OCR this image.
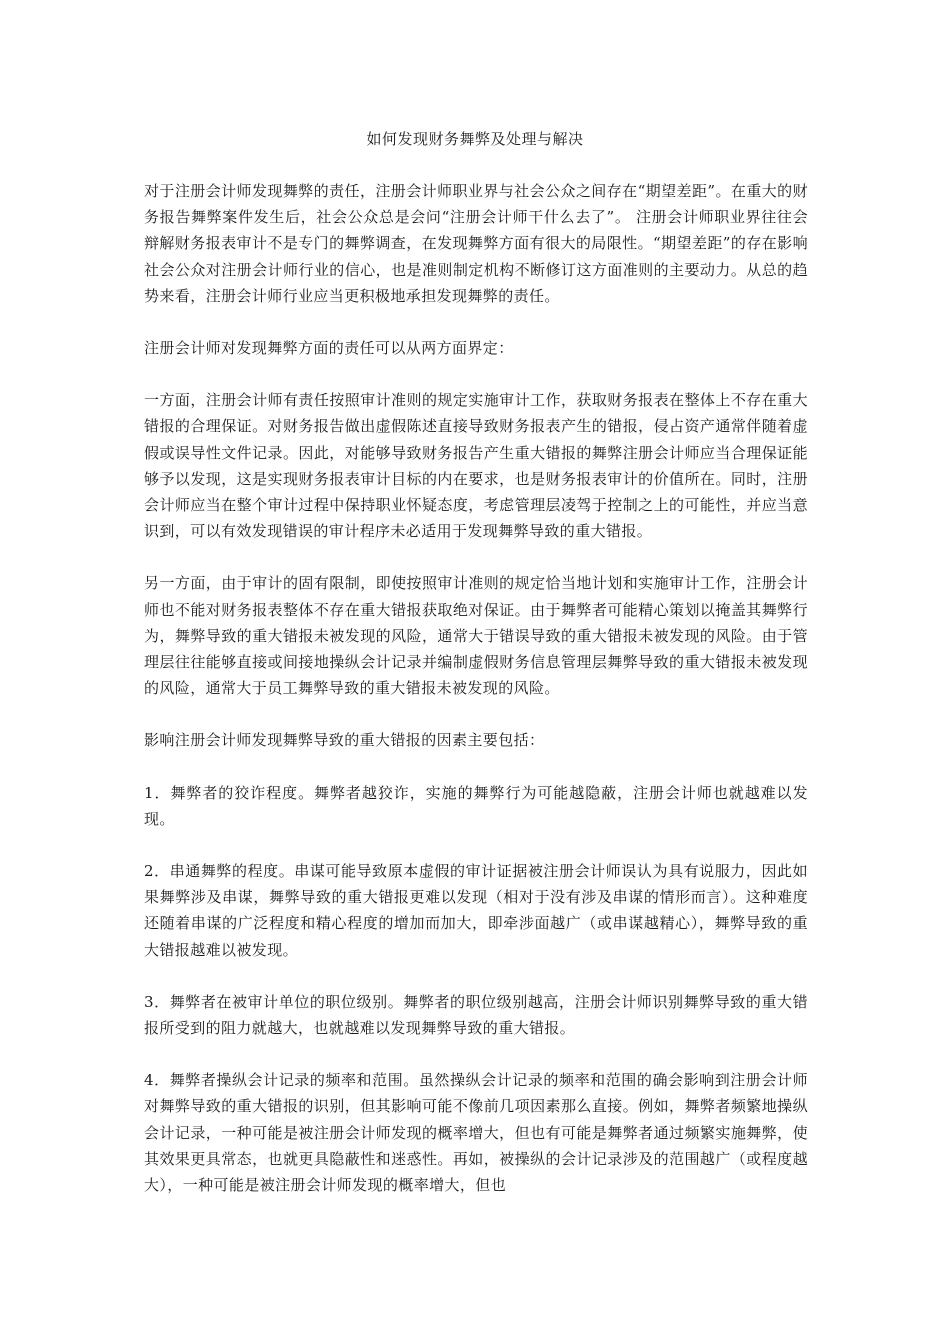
如何发现财务舞弊及处理与解决

对于注册会计师发现舞弊的责任，注册会计师职业界与社会公众之间存在“期望差距”。在重大的财务报告舞弊案件发生后，社会公众总是会问“注册会计师干什么去了”。 注册会计师职业界往往会辩解财务报表审计不是专门的舞弊调查，在发现舞弊方面有很大的局限性。“期望差距”的存在影响社会公众对注册会计师行业的信心，也是准则制定机构不断修订这方面准则的主要动力。从总的趋势来看，注册会计师行业应当更积极地承担发现舞弊的责任。

注册会计师对发现舞弊方面的责任可以从两方面界定：

一方面，注册会计师有责任按照审计准则的规定实施审计工作，获取财务报表在整体上不存在重大错报的合理保证。对财务报告做出虚假陈述直接导致财务报表产生的错报，侵占资产通常伴随着虚假或误导性文件记录。因此，对能够导致财务报告产生重大错报的舞弊注册会计师应当合理保证能够予以发现，这是实现财务报表审计目标的内在要求，也是财务报表审计的价值所在。同时，注册会计师应当在整个审计过程中保持职业怀疑态度，考虑管理层凌驾于控制之上的可能性，并应当意识到，可以有效发现错误的审计程序未必适用于发现舞弊导致的重大错报。

另一方面，由于审计的固有限制，即使按照审计准则的规定恰当地计划和实施审计工作，注册会计师也不能对财务报表整体不存在重大错报获取绝对保证。由于舞弊者可能精心策划以掩盖其舞弊行为，舞弊导致的重大错报未被发现的风险，通常大于错误导致的重大错报未被发现的风险。由于管理层往往能够直接或间接地操纵会计记录并编制虚假财务信息管理层舞弊导致的重大错报未被发现的风险，通常大于员工舞弊导致的重大错报未被发现的风险。

影响注册会计师发现舞弊导致的重大错报的因素主要包括：

1．舞弊者的狡诈程度。舞弊者越狡诈，实施的舞弊行为可能越隐蔽，注册会计师也就越难以发现。

2．串通舞弊的程度。串谋可能导致原本虚假的审计证据被注册会计师误认为具有说服力，因此如果舞弊涉及串谋，舞弊导致的重大错报更难以发现（相对于没有涉及串谋的情形而言）。这种难度还随着串谋的广泛程度和精心程度的增加而加大，即牵涉面越广（或串谋越精心），舞弊导致的重大错报越难以被发现。

3．舞弊者在被审计单位的职位级别。舞弊者的职位级别越高，注册会计师识别舞弊导致的重大错报所受到的阻力就越大，也就越难以发现舞弊导致的重大错报。

4．舞弊者操纵会计记录的频率和范围。虽然操纵会计记录的频率和范围的确会影响到注册会计师对舞弊导致的重大错报的识别，但其影响可能不像前几项因素那么直接。例如，舞弊者频繁地操纵会计记录，一种可能是被注册会计师发现的概率增大，但也有可能是舞弊者通过频繁实施舞弊，使其效果更具常态，也就更具隐蔽性和迷惑性。再如，被操纵的会计记录涉及的范围越广（或程度越大），一种可能是被注册会计师发现的概率增大，但也
